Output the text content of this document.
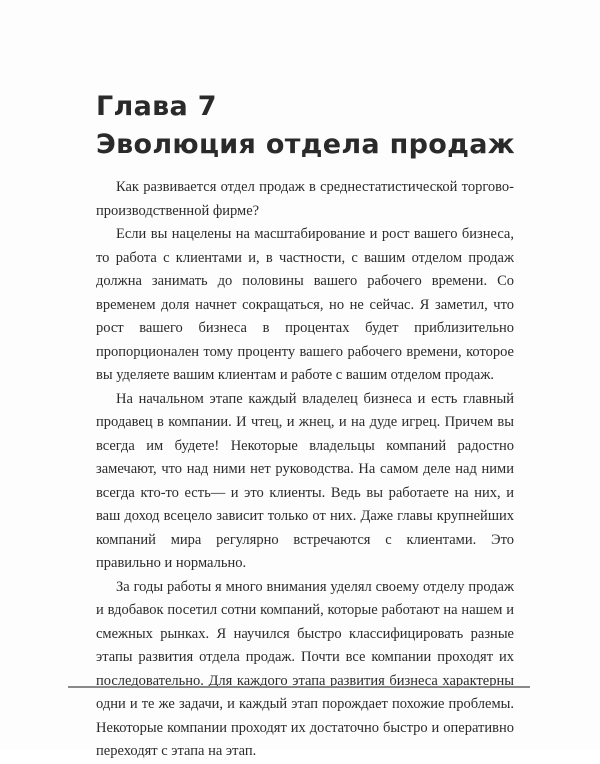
Глава 7
Эволюция отдела продаж

Как развивается отдел продаж в среднестатистической торгово-производственной фирме?

Если вы нацелены на масштабирование и рост вашего бизнеса, то работа с клиентами и, в частности, с вашим отделом продаж должна занимать до половины вашего рабочего времени. Со временем доля начнет сокращаться, но не сейчас. Я заметил, что рост вашего бизнеса в процентах будет приблизительно пропорционален тому проценту вашего рабочего времени, которое вы уделяете вашим клиентам и работе с вашим отделом продаж.

На начальном этапе каждый владелец бизнеса и есть главный продавец в компании. И чтец, и жнец, и на дуде игрец. Причем вы всегда им будете! Некоторые владельцы компаний радостно замечают, что над ними нет руководства. На самом деле над ними всегда кто-то есть— и это клиенты. Ведь вы работаете на них, и ваш доход всецело зависит только от них. Даже главы крупнейших компаний мира регулярно встречаются с клиентами. Это правильно и нормально.

За годы работы я много внимания уделял своему отделу продаж и вдобавок посетил сотни компаний, которые работают на нашем и смежных рынках. Я научился быстро классифицировать разные этапы развития отдела продаж. Почти все компании проходят их последовательно. Для каждого этапа развития бизнеса характерны одни и те же задачи, и каждый этап порождает похожие проблемы. Некоторые компании проходят их достаточно быстро и оперативно переходят с этапа на этап.
